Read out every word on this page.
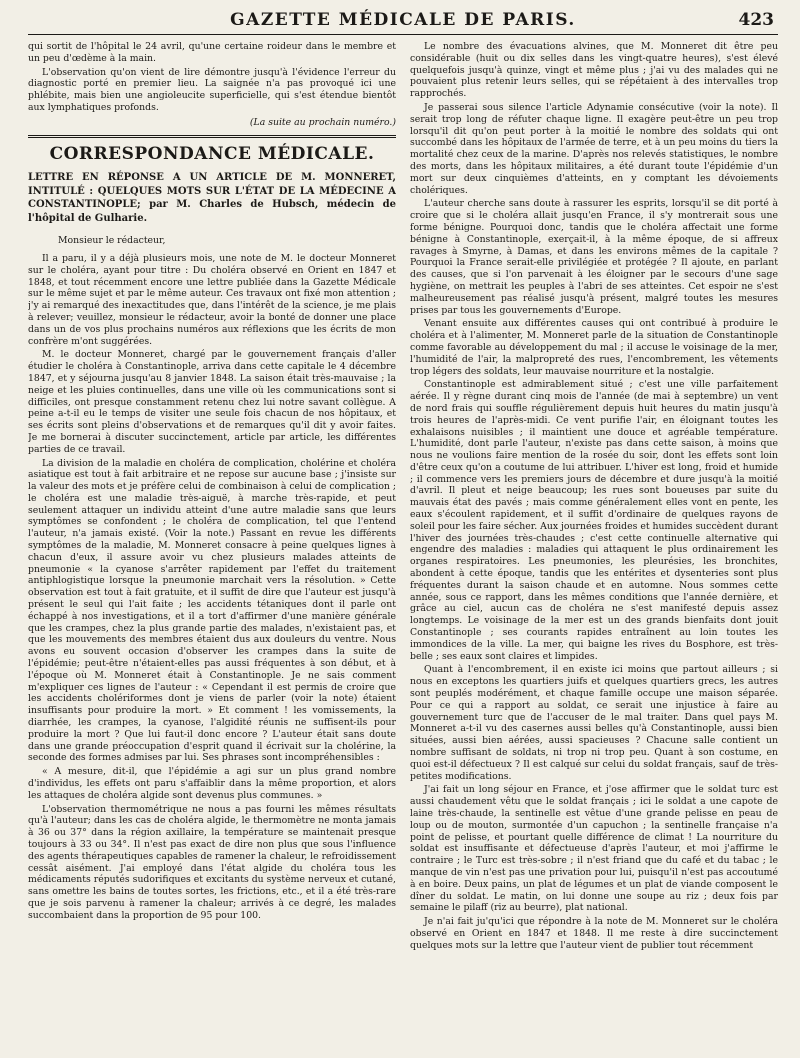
GAZETTE MÉDICALE DE PARIS.	423

qui sortit de l'hôpital le 24 avril, qu'une certaine roideur dans le membre et un peu d'œdème à la main.

L'observation qu'on vient de lire démontre jusqu'à l'évidence l'erreur du diagnostic porté en premier lieu. La saignée n'a pas provoqué ici une phlébite, mais bien une angioleucite superficielle, qui s'est étendue bientôt aux lymphatiques profonds.

(La suite au prochain numéro.)
CORRESPONDANCE MÉDICALE.
LETTRE EN RÉPONSE A UN ARTICLE DE M. MONNERET, INTITULÉ : QUELQUES MOTS SUR L'ÉTAT DE LA MÉDECINE A CONSTANTINOPLE; par M. Charles de Hubsch, médecin de l'hôpital de Gulharie.

Monsieur le rédacteur,

Il a paru, il y a déjà plusieurs mois, une note de M. le docteur Monneret sur le choléra, ayant pour titre : Du choléra observé en Orient en 1847 et 1848, et tout récemment encore une lettre publiée dans la Gazette Médicale sur le même sujet et par le même auteur. Ces travaux ont fixé mon attention ; j'y ai remarqué des inexactitudes que, dans l'intérêt de la science, je me plais à relever; veuillez, monsieur le rédacteur, avoir la bonté de donner une place dans un de vos plus prochains numéros aux réflexions que les écrits de mon confrère m'ont suggérées.

M. le docteur Monneret, chargé par le gouvernement français d'aller étudier le choléra à Constantinople, arriva dans cette capitale le 4 décembre 1847, et y séjourna jusqu'au 8 janvier 1848. La saison était très-mauvaise ; la neige et les pluies continuelles, dans une ville où les communications sont si difficiles, ont presque constamment retenu chez lui notre savant collègue. A peine a-t-il eu le temps de visiter une seule fois chacun de nos hôpitaux, et ses écrits sont pleins d'observations et de remarques qu'il dit y avoir faites. Je me bornerai à discuter succinctement, article par article, les différentes parties de ce travail.

La division de la maladie en choléra de complication, cholérine et choléra asiatique est tout à fait arbitraire et ne repose sur aucune base ; j'insiste sur la valeur des mots et je préfère celui de combinaison à celui de complication ; le choléra est une maladie très-aiguë, à marche très-rapide, et peut seulement attaquer un individu atteint d'une autre maladie sans que leurs symptômes se confondent ; le choléra de complication, tel que l'entend l'auteur, n'a jamais existé. (Voir la note.) Passant en revue les différents symptômes de la maladie, M. Monneret consacre à peine quelques lignes à chacun d'eux, il assure avoir vu chez plusieurs malades atteints de pneumonie « la cyanose s'arrêter rapidement par l'effet du traitement antiphlogistique lorsque la pneumonie marchait vers la résolution. » Cette observation est tout à fait gratuite, et il suffit de dire que l'auteur est jusqu'à présent le seul qui l'ait faite ; les accidents tétaniques dont il parle ont échappé à nos investigations, et il a tort d'affirmer d'une manière générale que les crampes, chez la plus grande partie des malades, n'existaient pas, et que les mouvements des membres étaient dus aux douleurs du ventre. Nous avons eu souvent occasion d'observer les crampes dans la suite de l'épidémie; peut-être n'étaient-elles pas aussi fréquentes à son début, et à l'époque où M. Monneret était à Constantinople. Je ne sais comment m'expliquer ces lignes de l'auteur : « Cependant il est permis de croire que les accidents cholériformes dont je viens de parler (voir la note) étaient insuffisants pour produire la mort. » Et comment ! les vomissements, la diarrhée, les crampes, la cyanose, l'algidité réunis ne suffisent-ils pour produire la mort ? Que lui faut-il donc encore ? L'auteur était sans doute dans une grande préoccupation d'esprit quand il écrivait sur la cholérine, la seconde des formes admises par lui. Ses phrases sont incompréhensibles :

« A mesure, dit-il, que l'épidémie a agi sur un plus grand nombre d'individus, les effets ont paru s'affaiblir dans la même proportion, et alors les attaques de choléra algide sont devenus plus communes. »

L'observation thermométrique ne nous a pas fourni les mêmes résultats qu'à l'auteur; dans les cas de choléra algide, le thermomètre ne monta jamais à 36 ou 37° dans la région axillaire, la température se maintenait presque toujours à 33 ou 34°. Il n'est pas exact de dire non plus que sous l'influence des agents thérapeutiques capables de ramener la chaleur, le refroidissement cessât aisément. J'ai employé dans l'état algide du choléra tous les médicaments réputés sudorifiques et excitants du système nerveux et cutané, sans omettre les bains de toutes sortes, les frictions, etc., et il a été très-rare que je sois parvenu à ramener la chaleur; arrivés à ce degré, les malades succombaient dans la proportion de 95 pour 100.

Le nombre des évacuations alvines, que M. Monneret dit être peu considérable (huit ou dix selles dans les vingt-quatre heures), s'est élevé quelquefois jusqu'à quinze, vingt et même plus ; j'ai vu des malades qui ne pouvaient plus retenir leurs selles, qui se répétaient à des intervalles trop rapprochés.

Je passerai sous silence l'article Adynamie consécutive (voir la note). Il serait trop long de réfuter chaque ligne. Il exagère peut-être un peu trop lorsqu'il dit qu'on peut porter à la moitié le nombre des soldats qui ont succombé dans les hôpitaux de l'armée de terre, et à un peu moins du tiers la mortalité chez ceux de la marine. D'après nos relevés statistiques, le nombre des morts, dans les hôpitaux militaires, a été durant toute l'épidémie d'un mort sur deux cinquièmes d'atteints, en y comptant les dévoiements cholériques.

L'auteur cherche sans doute à rassurer les esprits, lorsqu'il se dit porté à croire que si le choléra allait jusqu'en France, il s'y montrerait sous une forme bénigne. Pourquoi donc, tandis que le choléra affectait une forme bénigne à Constantinople, exerçait-il, à la même époque, de si affreux ravages à Smyrne, à Damas, et dans les environs mêmes de la capitale ? Pourquoi la France serait-elle privilégiée et protégée ? Il ajoute, en parlant des causes, que si l'on parvenait à les éloigner par le secours d'une sage hygiène, on mettrait les peuples à l'abri de ses atteintes. Cet espoir ne s'est malheureusement pas réalisé jusqu'à présent, malgré toutes les mesures prises par tous les gouvernements d'Europe.

Venant ensuite aux différentes causes qui ont contribué à produire le choléra et à l'alimenter, M. Monneret parle de la situation de Constantinople comme favorable au développement du mal ; il accuse le voisinage de la mer, l'humidité de l'air, la malpropreté des rues, l'encombrement, les vêtements trop légers des soldats, leur mauvaise nourriture et la nostalgie.

Constantinople est admirablement situé ; c'est une ville parfaitement aérée. Il y règne durant cinq mois de l'année (de mai à septembre) un vent de nord frais qui souffle régulièrement depuis huit heures du matin jusqu'à trois heures de l'après-midi. Ce vent purifie l'air, en éloignant toutes les exhalaisons nuisibles ; il maintient une douce et agréable température. L'humidité, dont parle l'auteur, n'existe pas dans cette saison, à moins que nous ne voulions faire mention de la rosée du soir, dont les effets sont loin d'être ceux qu'on a coutume de lui attribuer. L'hiver est long, froid et humide ; il commence vers les premiers jours de décembre et dure jusqu'à la moitié d'avril. Il pleut et neige beaucoup; les rues sont boueuses par suite du mauvais état des pavés ; mais comme généralement elles vont en pente, les eaux s'écoulent rapidement, et il suffit d'ordinaire de quelques rayons de soleil pour les faire sécher. Aux journées froides et humides succèdent durant l'hiver des journées très-chaudes ; c'est cette continuelle alternative qui engendre des maladies : maladies qui attaquent le plus ordinairement les organes respiratoires. Les pneumonies, les pleurésies, les bronchites, abondent à cette époque, tandis que les entérites et dysenteries sont plus fréquentes durant la saison chaude et en automne. Nous sommes cette année, sous ce rapport, dans les mêmes conditions que l'année dernière, et grâce au ciel, aucun cas de choléra ne s'est manifesté depuis assez longtemps. Le voisinage de la mer est un des grands bienfaits dont jouit Constantinople ; ses courants rapides entraînent au loin toutes les immondices de la ville. La mer, qui baigne les rives du Bosphore, est très-belle ; ses eaux sont claires et limpides.

Quant à l'encombrement, il en existe ici moins que partout ailleurs ; si nous en exceptons les quartiers juifs et quelques quartiers grecs, les autres sont peuplés modérément, et chaque famille occupe une maison séparée. Pour ce qui a rapport au soldat, ce serait une injustice à faire au gouvernement turc que de l'accuser de le mal traiter. Dans quel pays M. Monneret a-t-il vu des casernes aussi belles qu'à Constantinople, aussi bien situées, aussi bien aérées, aussi spacieuses ? Chacune salle contient un nombre suffisant de soldats, ni trop ni trop peu. Quant à son costume, en quoi est-il défectueux ? Il est calqué sur celui du soldat français, sauf de très-petites modifications.

J'ai fait un long séjour en France, et j'ose affirmer que le soldat turc est aussi chaudement vêtu que le soldat français ; ici le soldat a une capote de laine très-chaude, la sentinelle est vêtue d'une grande pelisse en peau de loup ou de mouton, surmontée d'un capuchon ; la sentinelle française n'a point de pelisse, et pourtant quelle différence de climat ! La nourriture du soldat est insuffisante et défectueuse d'après l'auteur, et moi j'affirme le contraire ; le Turc est très-sobre ; il n'est friand que du café et du tabac ; le manque de vin n'est pas une privation pour lui, puisqu'il n'est pas accoutumé à en boire. Deux pains, un plat de légumes et un plat de viande composent le dîner du soldat. Le matin, on lui donne une soupe au riz ; deux fois par semaine le pilaff (riz au beurre), plat national.

Je n'ai fait ju'qu'ici que répondre à la note de M. Monneret sur le choléra observé en Orient en 1847 et 1848. Il me reste à dire succinctement quelques mots sur la lettre que l'auteur vient de publier tout récemment
